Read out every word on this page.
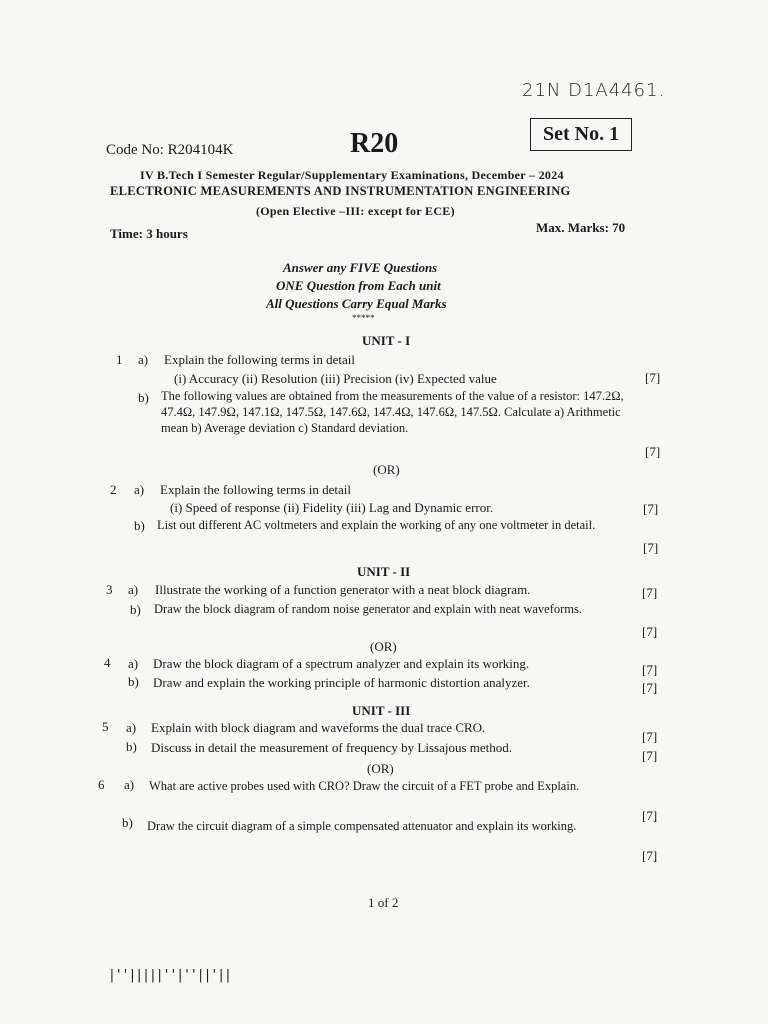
21N D1A4461.
Code No: R204104K	R20	Set No. 1
IV B.Tech I Semester Regular/Supplementary Examinations, December – 2024
ELECTRONIC MEASUREMENTS AND INSTRUMENTATION ENGINEERING
(Open Elective –III: except for ECE)
Time: 3 hours	Max. Marks: 70
Answer any FIVE Questions
ONE Question from Each unit
All Questions Carry Equal Marks
*****
UNIT - I
1 a) Explain the following terms in detail
(i) Accuracy (ii) Resolution (iii) Precision (iv) Expected value	[7]
b) The following values are obtained from the measurements of the value of a resistor: 147.2Ω, 47.4Ω, 147.9Ω, 147.1Ω, 147.5Ω, 147.6Ω, 147.4Ω, 147.6Ω, 147.5Ω. Calculate a) Arithmetic mean b) Average deviation c) Standard deviation.
[7]
(OR)
2 a) Explain the following terms in detail
(i) Speed of response (ii) Fidelity (iii) Lag and Dynamic error.	[7]
b) List out different AC voltmeters and explain the working of any one voltmeter in detail.
[7]
UNIT - II
3 a) Illustrate the working of a function generator with a neat block diagram.	[7]
b) Draw the block diagram of random noise generator and explain with neat waveforms.
[7]
(OR)
4 a) Draw the block diagram of a spectrum analyzer and explain its working.	[7]
b) Draw and explain the working principle of harmonic distortion analyzer.	[7]
UNIT - III
5 a) Explain with block diagram and waveforms the dual trace CRO.
[7]
b) Discuss in detail the measurement of frequency by Lissajous method.
[7]
(OR)
6 a) What are active probes used with CRO? Draw the circuit of a FET probe and Explain.
[7]
b) Draw the circuit diagram of a simple compensated attenuator and explain its working.
[7]
1 of 2
|''|||||''|''||'||
